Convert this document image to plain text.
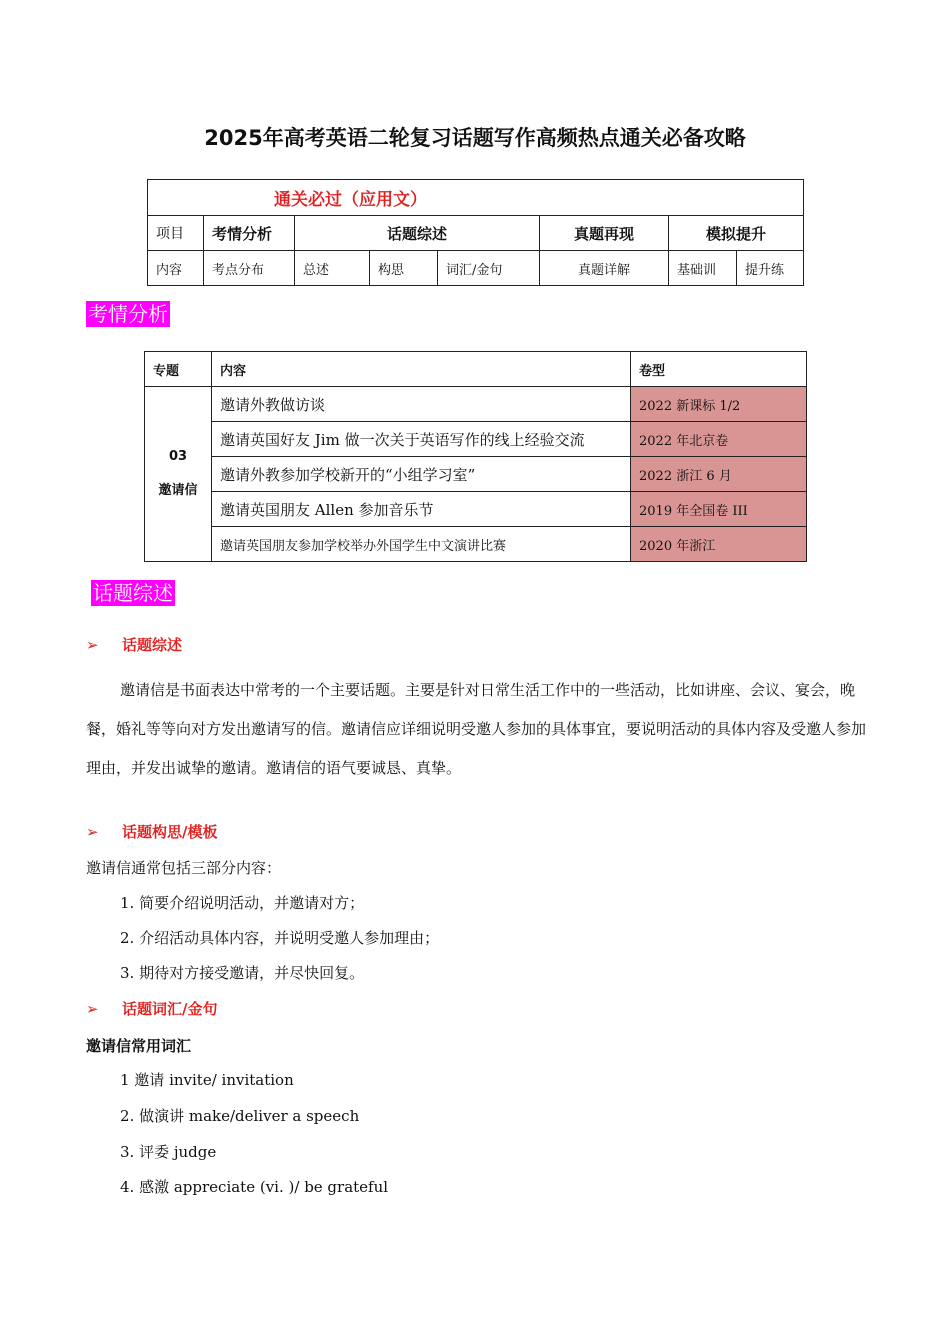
2025年高考英语二轮复习话题写作高频热点通关必备攻略
通关必过（应用文）							
项目	考情分析	话题综述			真题再现	模拟提升	
内容	考点分布	总述	构思	词汇/金句	真题详解	基础训	提升练
考情分析
专题	内容	卷型

03
邀请信	邀请外教做访谈	2022 新课标 1/2
	邀请英国好友 Jim 做一次关于英语写作的线上经验交流	2022 年北京卷
	邀请外教参加学校新开的“小组学习室”	2022 浙江 6 月
	邀请英国朋友 Allen 参加音乐节	2019 年全国卷 III
	邀请英国朋友参加学校举办外国学生中文演讲比赛	2020 年浙江
话题综述
➢ 话题综述
邀请信是书面表达中常考的一个主要话题。主要是针对日常生活工作中的一些活动，比如讲座、会议、宴会，晚餐，婚礼等等向对方发出邀请写的信。邀请信应详细说明受邀人参加的具体事宜，要说明活动的具体内容及受邀人参加理由，并发出诚挚的邀请。邀请信的语气要诚恳、真挚。
➢ 话题构思/模板
邀请信通常包括三部分内容：
1. 简要介绍说明活动，并邀请对方；
2. 介绍活动具体内容，并说明受邀人参加理由；
3. 期待对方接受邀请，并尽快回复。
➢ 话题词汇/金句
邀请信常用词汇
1 邀请 invite/ invitation
2. 做演讲 make/deliver a speech
3. 评委 judge
4. 感激 appreciate (vi. )/ be grateful
